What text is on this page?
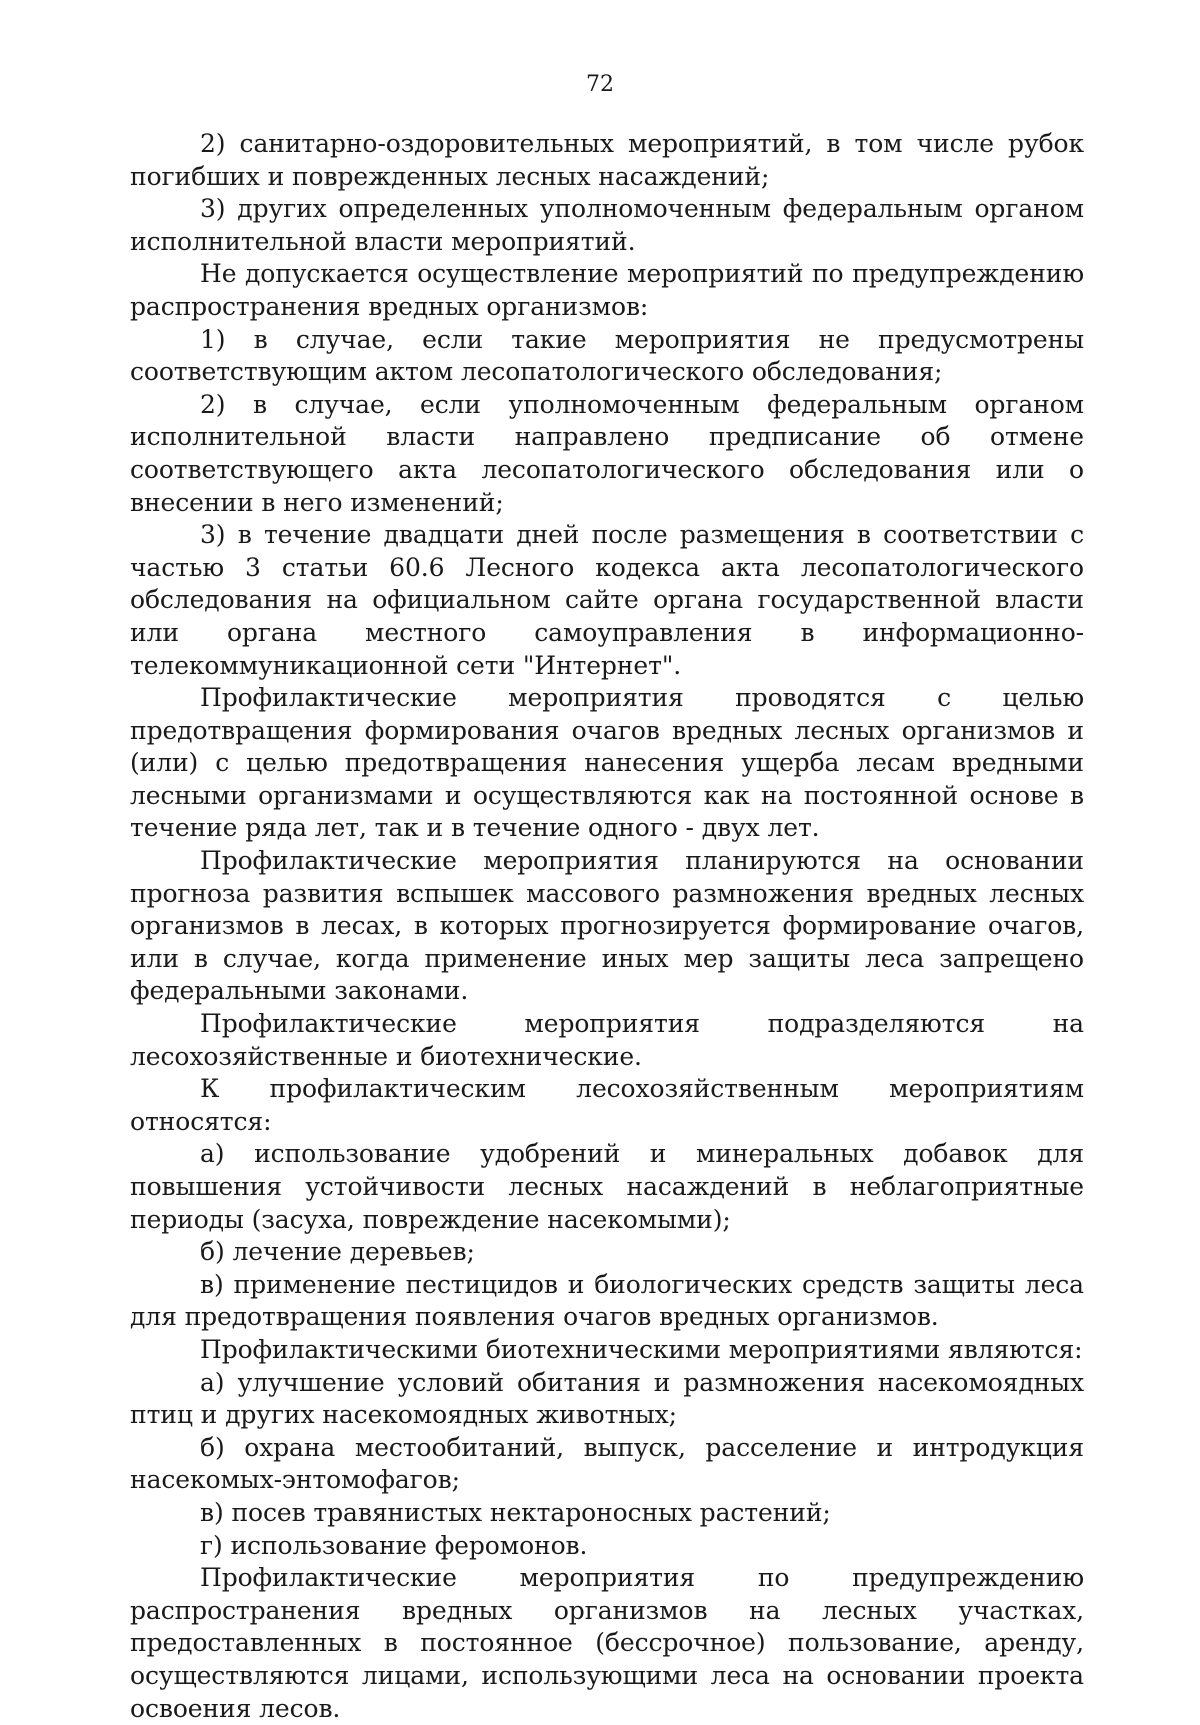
72

2) санитарно-оздоровительных мероприятий, в том числе рубок погибших и поврежденных лесных насаждений;

3) других определенных уполномоченным федеральным органом исполнительной власти мероприятий.

Не допускается осуществление мероприятий по предупреждению распространения вредных организмов:

1) в случае, если такие мероприятия не предусмотрены соответствующим актом лесопатологического обследования;

2) в случае, если уполномоченным федеральным органом исполнительной власти направлено предписание об отмене соответствующего акта лесопатологического обследования или о внесении в него изменений;

3) в течение двадцати дней после размещения в соответствии с частью 3 статьи 60.6 Лесного кодекса акта лесопатологического обследования на официальном сайте органа государственной власти или органа местного самоуправления в информационно-телекоммуникационной сети "Интернет".

Профилактические мероприятия проводятся с целью предотвращения формирования очагов вредных лесных организмов и (или) с целью предотвращения нанесения ущерба лесам вредными лесными организмами и осуществляются как на постоянной основе в течение ряда лет, так и в течение одного - двух лет.

Профилактические мероприятия планируются на основании прогноза развития вспышек массового размножения вредных лесных организмов в лесах, в которых прогнозируется формирование очагов, или в случае, когда применение иных мер защиты леса запрещено федеральными законами.

Профилактические мероприятия подразделяются на лесохозяйственные и биотехнические.

К профилактическим лесохозяйственным мероприятиям относятся:

а) использование удобрений и минеральных добавок для повышения устойчивости лесных насаждений в неблагоприятные периоды (засуха, повреждение насекомыми);

б) лечение деревьев;

в) применение пестицидов и биологических средств защиты леса для предотвращения появления очагов вредных организмов.

Профилактическими биотехническими мероприятиями являются:

а) улучшение условий обитания и размножения насекомоядных птиц и других насекомоядных животных;

б) охрана местообитаний, выпуск, расселение и интродукция насекомых-энтомофагов;

в) посев травянистых нектароносных растений;

г) использование феромонов.

Профилактические мероприятия по предупреждению распространения вредных организмов на лесных участках, предоставленных в постоянное (бессрочное) пользование, аренду, осуществляются лицами, использующими леса на основании проекта освоения лесов.
